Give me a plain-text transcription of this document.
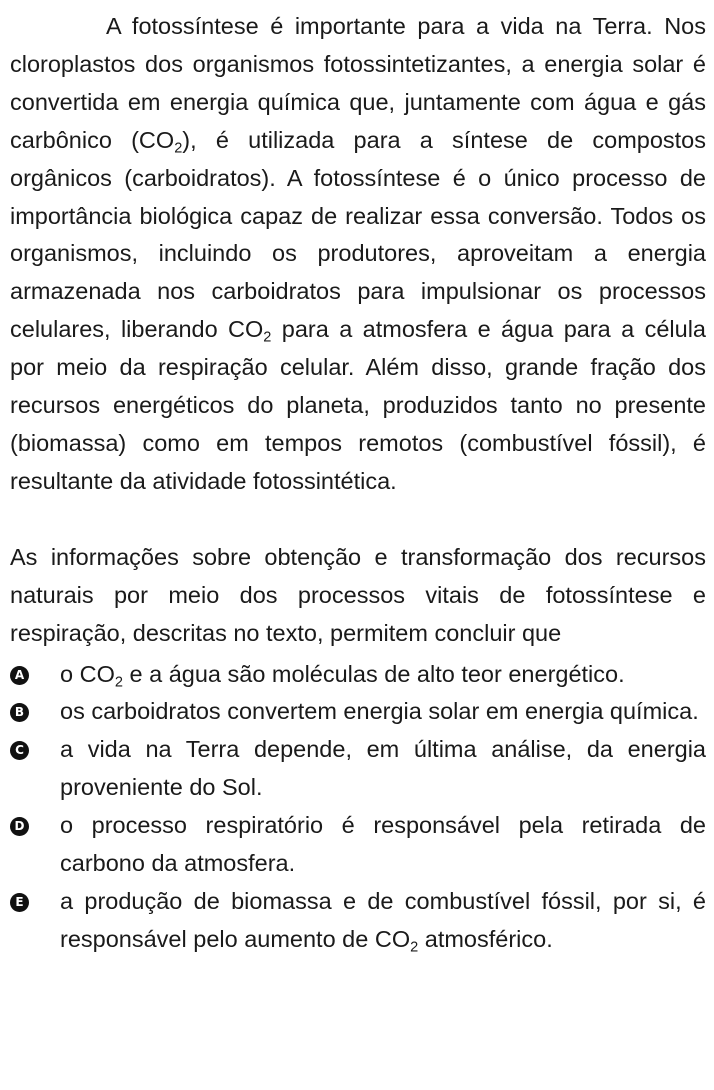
A fotossíntese é importante para a vida na Terra. Nos cloroplastos dos organismos fotossintetizantes, a energia solar é convertida em energia química que, juntamente com água e gás carbônico $(CO_2)$, é utilizada para a síntese de compostos orgânicos (carboidratos). A fotossíntese é o único processo de importância biológica capaz de realizar essa conversão. Todos os organismos, incluindo os produtores, aproveitam a energia armazenada nos carboidratos para impulsionar os processos celulares, liberando $CO_2$ para a atmosfera e água para a célula por meio da respiração celular. Além disso, grande fração dos recursos energéticos do planeta, produzidos tanto no presente (biomassa) como em tempos remotos (combustível fóssil), é resultante da atividade fotossintética.

As informações sobre obtenção e transformação dos recursos naturais por meio dos processos vitais de fotossíntese e respiração, descritas no texto, permitem concluir que

A o $CO_2$ e a água são moléculas de alto teor energético.
B os carboidratos convertem energia solar em energia química.
C a vida na Terra depende, em última análise, da energia proveniente do Sol.
D o processo respiratório é responsável pela retirada de carbono da atmosfera.
E a produção de biomassa e de combustível fóssil, por si, é responsável pelo aumento de $CO_2$ atmosférico.
